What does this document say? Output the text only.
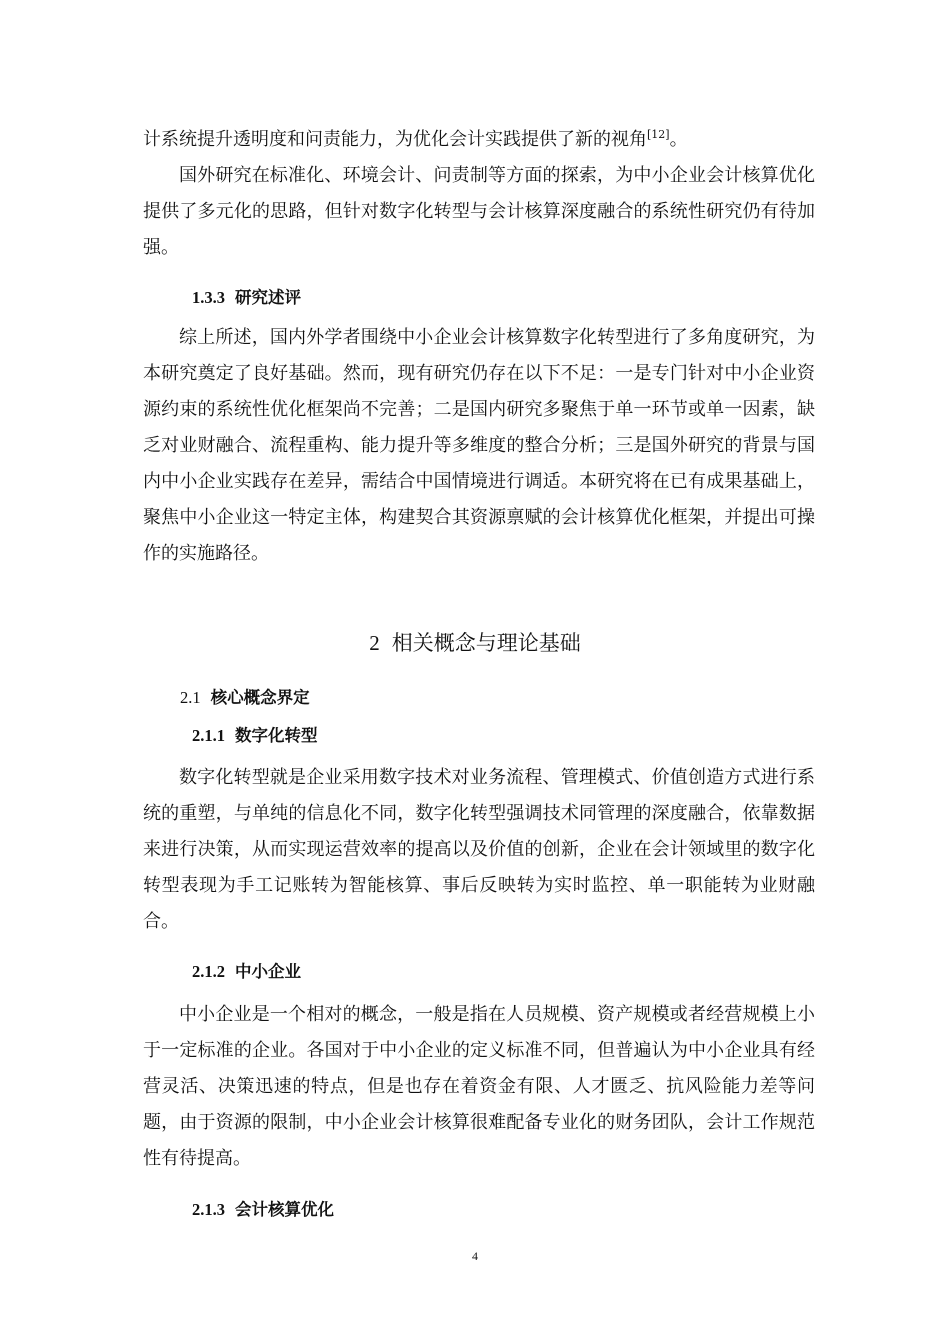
计系统提升透明度和问责能力，为优化会计实践提供了新的视角[12]。

国外研究在标准化、环境会计、问责制等方面的探索，为中小企业会计核算优化提供了多元化的思路，但针对数字化转型与会计核算深度融合的系统性研究仍有待加强。

1.3.3 研究述评

综上所述，国内外学者围绕中小企业会计核算数字化转型进行了多角度研究，为本研究奠定了良好基础。然而，现有研究仍存在以下不足：一是专门针对中小企业资源约束的系统性优化框架尚不完善；二是国内研究多聚焦于单一环节或单一因素，缺乏对业财融合、流程重构、能力提升等多维度的整合分析；三是国外研究的背景与国内中小企业实践存在差异，需结合中国情境进行调适。本研究将在已有成果基础上，聚焦中小企业这一特定主体，构建契合其资源禀赋的会计核算优化框架，并提出可操作的实施路径。

2 相关概念与理论基础
2.1 核心概念界定
2.1.1 数字化转型

数字化转型就是企业采用数字技术对业务流程、管理模式、价值创造方式进行系统的重塑，与单纯的信息化不同，数字化转型强调技术同管理的深度融合，依靠数据来进行决策，从而实现运营效率的提高以及价值的创新，企业在会计领域里的数字化转型表现为手工记账转为智能核算、事后反映转为实时监控、单一职能转为业财融合。

2.1.2 中小企业

中小企业是一个相对的概念，一般是指在人员规模、资产规模或者经营规模上小于一定标准的企业。各国对于中小企业的定义标准不同，但普遍认为中小企业具有经营灵活、决策迅速的特点，但是也存在着资金有限、人才匮乏、抗风险能力差等问题，由于资源的限制，中小企业会计核算很难配备专业化的财务团队，会计工作规范性有待提高。

2.1.3 会计核算优化
4
